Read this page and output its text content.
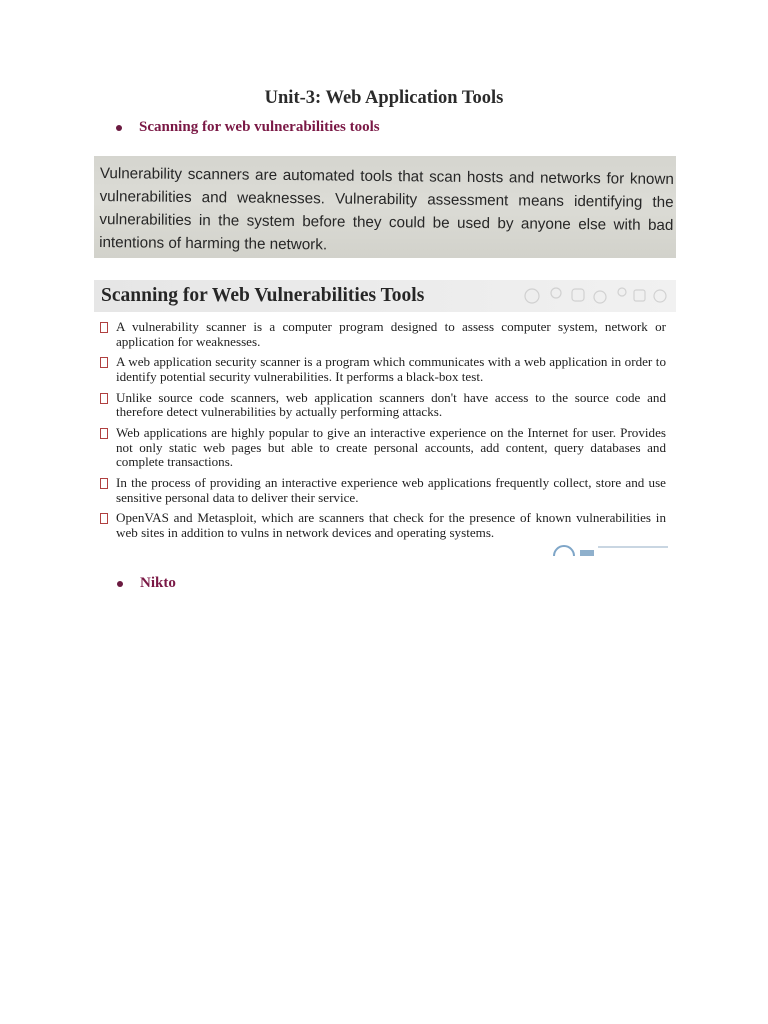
Unit-3: Web Application Tools
Scanning for web vulnerabilities tools

Vulnerability scanners are automated tools that scan hosts and networks for known vulnerabilities and weaknesses. Vulnerability assessment means identifying the vulnerabilities in the system before they could be used by anyone else with bad intentions of harming the network.

Scanning for Web Vulnerabilities Tools
A vulnerability scanner is a computer program designed to assess computer system, network or application for weaknesses.
A web application security scanner is a program which communicates with a web application in order to identify potential security vulnerabilities. It performs a black-box test.
Unlike source code scanners, web application scanners don't have access to the source code and therefore detect vulnerabilities by actually performing attacks.
Web applications are highly popular to give an interactive experience on the Internet for user. Provides not only static web pages but able to create personal accounts, add content, query databases and complete transactions.
In the process of providing an interactive experience web applications frequently collect, store and use sensitive personal data to deliver their service.
OpenVAS and Metasploit, which are scanners that check for the presence of known vulnerabilities in web sites in addition to vulns in network devices and operating systems.
Nikto
